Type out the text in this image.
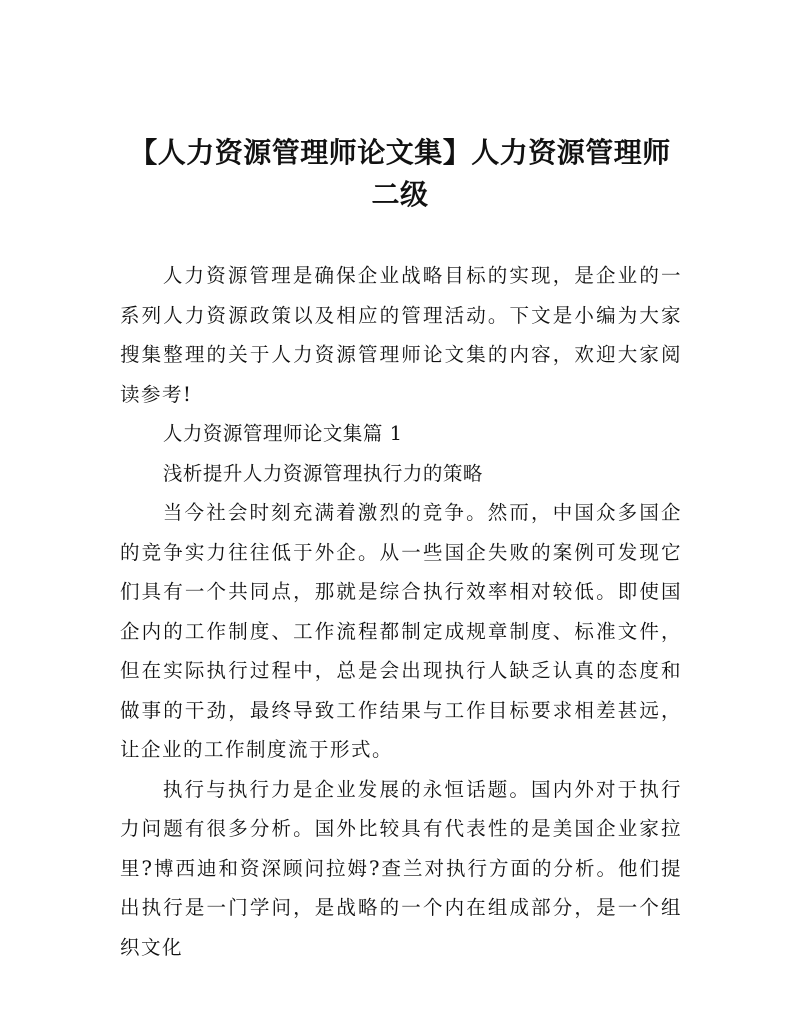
【人力资源管理师论文集】人力资源管理师
二级

人力资源管理是确保企业战略目标的实现，是企业的一系列人力资源政策以及相应的管理活动。下文是小编为大家搜集整理的关于人力资源管理师论文集的内容，欢迎大家阅读参考!

人力资源管理师论文集篇 1

浅析提升人力资源管理执行力的策略

当今社会时刻充满着激烈的竞争。然而，中国众多国企的竞争实力往往低于外企。从一些国企失败的案例可发现它们具有一个共同点，那就是综合执行效率相对较低。即使国企内的工作制度、工作流程都制定成规章制度、标准文件，但在实际执行过程中，总是会出现执行人缺乏认真的态度和做事的干劲，最终导致工作结果与工作目标要求相差甚远，让企业的工作制度流于形式。

执行与执行力是企业发展的永恒话题。国内外对于执行力问题有很多分析。国外比较具有代表性的是美国企业家拉里?博西迪和资深顾问拉姆?查兰对执行方面的分析。他们提出执行是一门学问，是战略的一个内在组成部分，是一个组织文化
